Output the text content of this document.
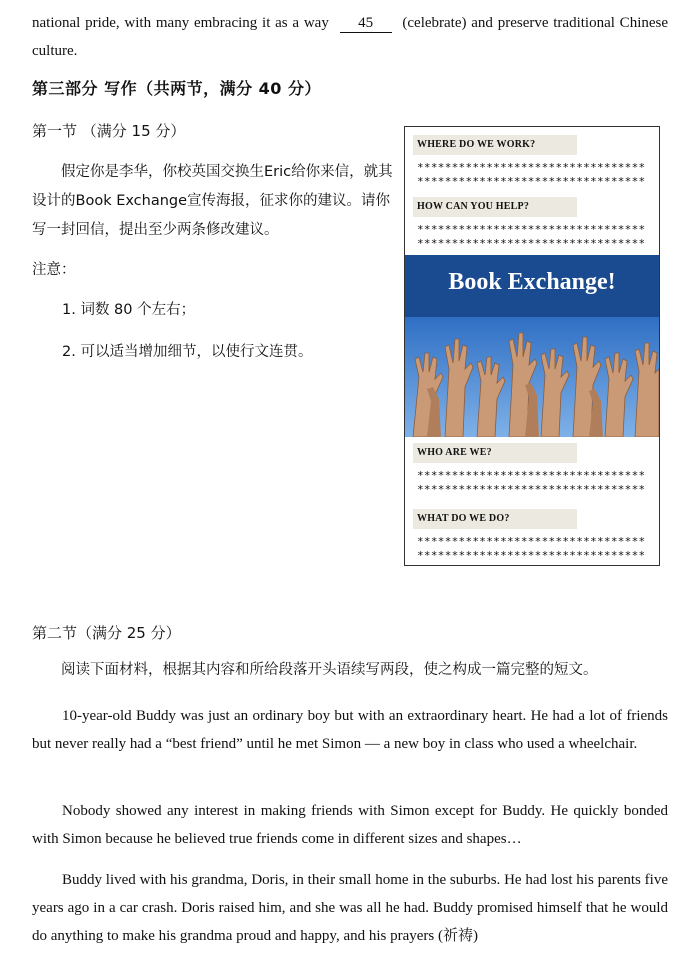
national pride, with many embracing it as a way 45 (celebrate) and preserve traditional Chinese culture.
第三部分 写作（共两节，满分 40 分）
第一节 （满分 15 分）
假定你是李华，你校英国交换生Eric给你来信，就其设计的Book Exchange宣传海报，征求你的建议。请你写一封回信，提出至少两条修改建议。
注意：
1. 词数 80 个左右；
2. 可以适当增加细节，以使行文连贯。
WHERE DO WE WORK?
*********************************
*********************************
HOW CAN YOU HELP?
*********************************
*********************************
Book Exchange!
WHO ARE WE?
*********************************
*********************************
WHAT DO WE DO?
*********************************
*********************************
第二节（满分 25 分）
阅读下面材料，根据其内容和所给段落开头语续写两段，使之构成一篇完整的短文。
10-year-old Buddy was just an ordinary boy but with an extraordinary heart. He had a lot of friends but never really had a “best friend” until he met Simon — a new boy in class who used a wheelchair.
Nobody showed any interest in making friends with Simon except for Buddy. He quickly bonded with Simon because he believed true friends come in different sizes and shapes…
Buddy lived with his grandma, Doris, in their small home in the suburbs. He had lost his parents five years ago in a car crash. Doris raised him, and she was all he had. Buddy promised himself that he would do anything to make his grandma proud and happy, and his prayers (祈祷)
